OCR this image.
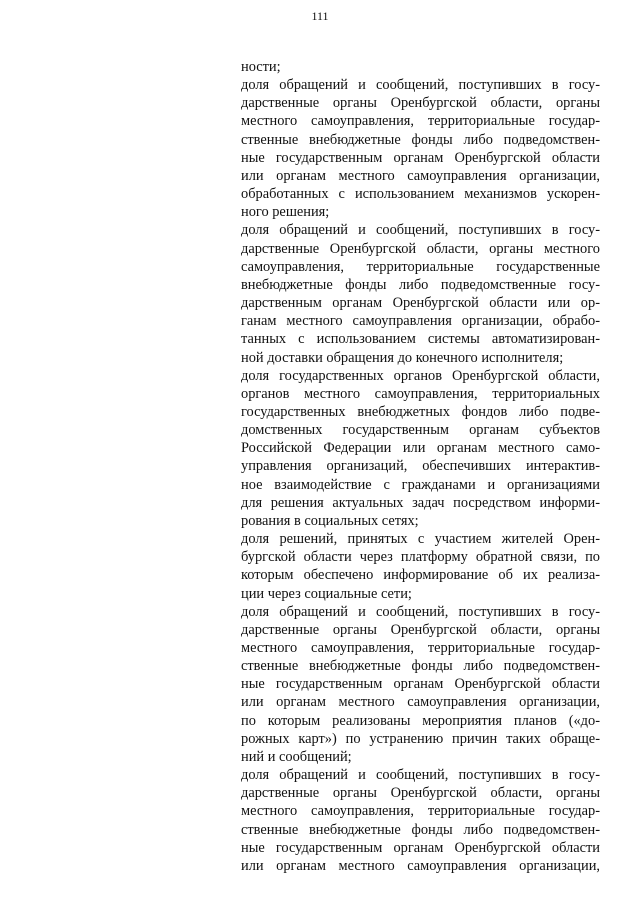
111
ности;
доля обращений и сообщений, поступивших в госу-
дарственные органы Оренбургской области, органы
местного самоуправления, территориальные государ-
ственные внебюджетные фонды либо подведомствен-
ные государственным органам Оренбургской области
или органам местного самоуправления организации,
обработанных с использованием механизмов ускорен-
ного решения;
доля обращений и сообщений, поступивших в госу-
дарственные Оренбургской области, органы местного
самоуправления, территориальные государственные
внебюджетные фонды либо подведомственные госу-
дарственным органам Оренбургской области или ор-
ганам местного самоуправления организации, обрабо-
танных с использованием системы автоматизирован-
ной доставки обращения до конечного исполнителя;
доля государственных органов Оренбургской области,
органов местного самоуправления, территориальных
государственных внебюджетных фондов либо подве-
домственных государственным органам субъектов
Российской Федерации или органам местного само-
управления организаций, обеспечивших интерактив-
ное взаимодействие с гражданами и организациями
для решения актуальных задач посредством информи-
рования в социальных сетях;
доля решений, принятых с участием жителей Орен-
бургской области через платформу обратной связи, по
которым обеспечено информирование об их реализа-
ции через социальные сети;
доля обращений и сообщений, поступивших в госу-
дарственные органы Оренбургской области, органы
местного самоуправления, территориальные государ-
ственные внебюджетные фонды либо подведомствен-
ные государственным органам Оренбургской области
или органам местного самоуправления организации,
по которым реализованы мероприятия планов («до-
рожных карт») по устранению причин таких обраще-
ний и сообщений;
доля обращений и сообщений, поступивших в госу-
дарственные органы Оренбургской области, органы
местного самоуправления, территориальные государ-
ственные внебюджетные фонды либо подведомствен-
ные государственным органам Оренбургской области
или органам местного самоуправления организации,
